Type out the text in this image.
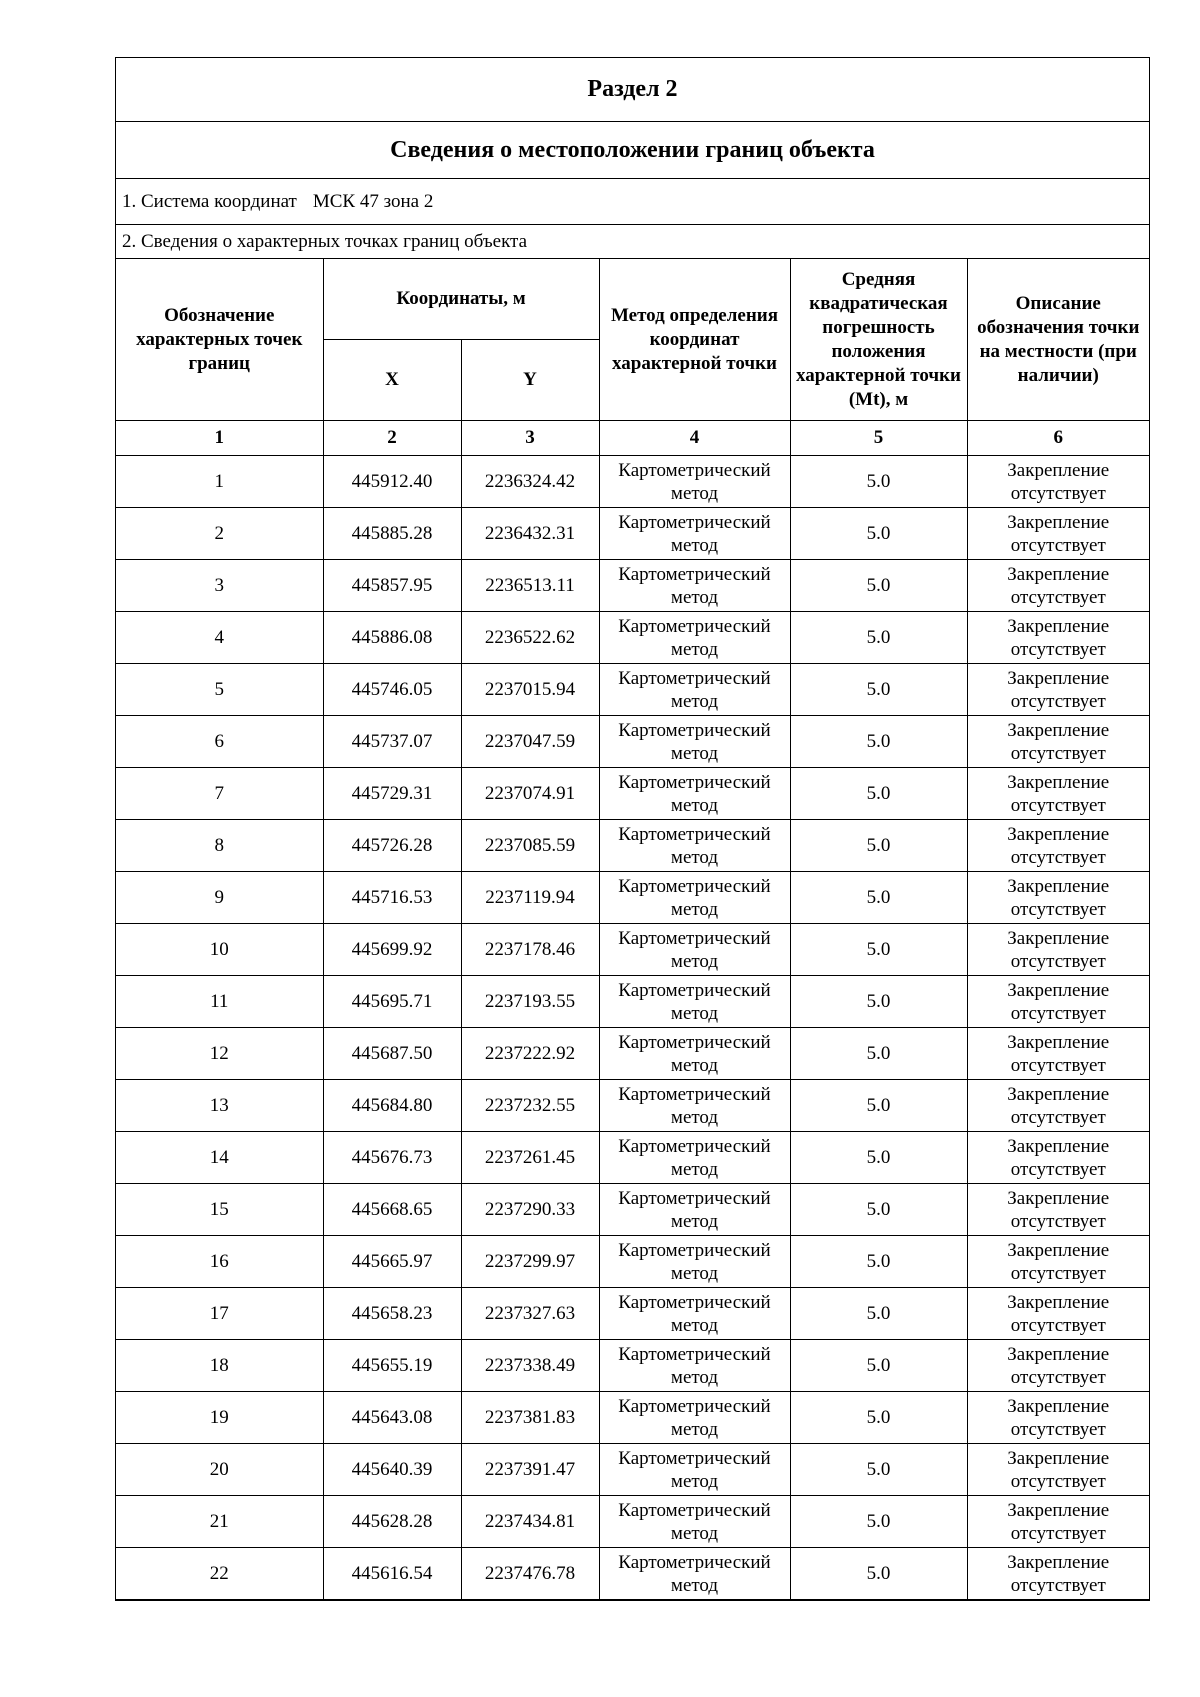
Раздел 2
Сведения о местоположении границ объекта
1. Система координат МСК 47 зона 2
2. Сведения о характерных точках границ объекта
Обозначение характерных точек границ	Координаты, м		Метод определения координат характерной точки	Средняя квадратическая погрешность положения характерной точки (Mt), м	Описание обозначения точки на местности (при наличии)
	X	Y			
1	2	3	4	5	6
1	445912.40	2236324.42	Картометрический метод	5.0	Закрепление отсутствует
2	445885.28	2236432.31	Картометрический метод	5.0	Закрепление отсутствует
3	445857.95	2236513.11	Картометрический метод	5.0	Закрепление отсутствует
4	445886.08	2236522.62	Картометрический метод	5.0	Закрепление отсутствует
5	445746.05	2237015.94	Картометрический метод	5.0	Закрепление отсутствует
6	445737.07	2237047.59	Картометрический метод	5.0	Закрепление отсутствует
7	445729.31	2237074.91	Картометрический метод	5.0	Закрепление отсутствует
8	445726.28	2237085.59	Картометрический метод	5.0	Закрепление отсутствует
9	445716.53	2237119.94	Картометрический метод	5.0	Закрепление отсутствует
10	445699.92	2237178.46	Картометрический метод	5.0	Закрепление отсутствует
11	445695.71	2237193.55	Картометрический метод	5.0	Закрепление отсутствует
12	445687.50	2237222.92	Картометрический метод	5.0	Закрепление отсутствует
13	445684.80	2237232.55	Картометрический метод	5.0	Закрепление отсутствует
14	445676.73	2237261.45	Картометрический метод	5.0	Закрепление отсутствует
15	445668.65	2237290.33	Картометрический метод	5.0	Закрепление отсутствует
16	445665.97	2237299.97	Картометрический метод	5.0	Закрепление отсутствует
17	445658.23	2237327.63	Картометрический метод	5.0	Закрепление отсутствует
18	445655.19	2237338.49	Картометрический метод	5.0	Закрепление отсутствует
19	445643.08	2237381.83	Картометрический метод	5.0	Закрепление отсутствует
20	445640.39	2237391.47	Картометрический метод	5.0	Закрепление отсутствует
21	445628.28	2237434.81	Картометрический метод	5.0	Закрепление отсутствует
22	445616.54	2237476.78	Картометрический метод	5.0	Закрепление отсутствует
